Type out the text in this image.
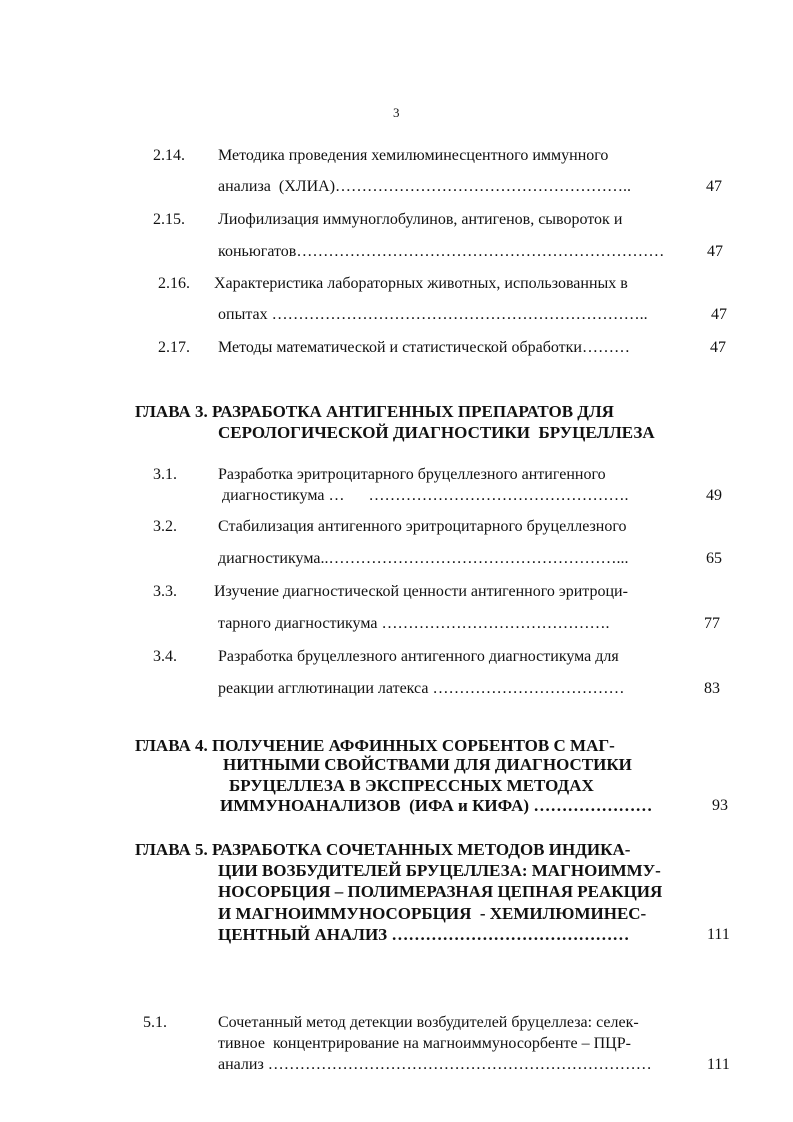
3
2.14. Методика проведения хемилюминесцентного иммунного
анализа  (ХЛИА)………………………………………………..	47
2.15. Лиофилизация иммуноглобулинов, антигенов, сывороток и
коньюгатов……………………………………………………………	47
2.16. Характеристика лабораторных животных, использованных в
опытах ……………………………………………………………..	47
2.17. Методы математической и статистической обработки………	47
ГЛАВА 3. РАЗРАБОТКА АНТИГЕННЫХ ПРЕПАРАТОВ ДЛЯ
СЕРОЛОГИЧЕСКОЙ ДИАГНОСТИКИ  БРУЦЕЛЛЕЗА
3.1.	Разработка эритроцитарного бруцеллезного антигенного
диагностикума …      ………………………………………….	49
3.2.	Стабилизация антигенного эритроцитарного бруцеллезного
диагностикума..………………………………………………...	65
3.3. Изучение диагностической ценности антигенного эритроци-
тарного диагностикума …………………………………….	77
3.4.	Разработка бруцеллезного антигенного диагностикума для
реакции агглютинации латекса ………………………………	83
ГЛАВА 4. ПОЛУЧЕНИЕ АФФИННЫХ СОРБЕНТОВ С МАГ-
НИТНЫМИ СВОЙСТВАМИ ДЛЯ ДИАГНОСТИКИ
БРУЦЕЛЛЕЗА В ЭКСПРЕССНЫХ МЕТОДАХ
ИММУНОАНАЛИЗОВ  (ИФА и КИФА) …………………	93
ГЛАВА 5. РАЗРАБОТКА СОЧЕТАННЫХ МЕТОДОВ ИНДИКА-
ЦИИ ВОЗБУДИТЕЛЕЙ БРУЦЕЛЛЕЗА: МАГНОИММУ-
НОСОРБЦИЯ – ПОЛИМЕРАЗНАЯ ЦЕПНАЯ РЕАКЦИЯ
И МАГНОИММУНОСОРБЦИЯ  - ХЕМИЛЮМИНЕС-
ЦЕНТНЫЙ АНАЛИЗ ……………………………………	111
5.1.	Сочетанный метод детекции возбудителей бруцеллеза: селек-
тивное  концентрирование на магноиммуносорбенте – ПЦР-
анализ ………………………………………………………………	111
